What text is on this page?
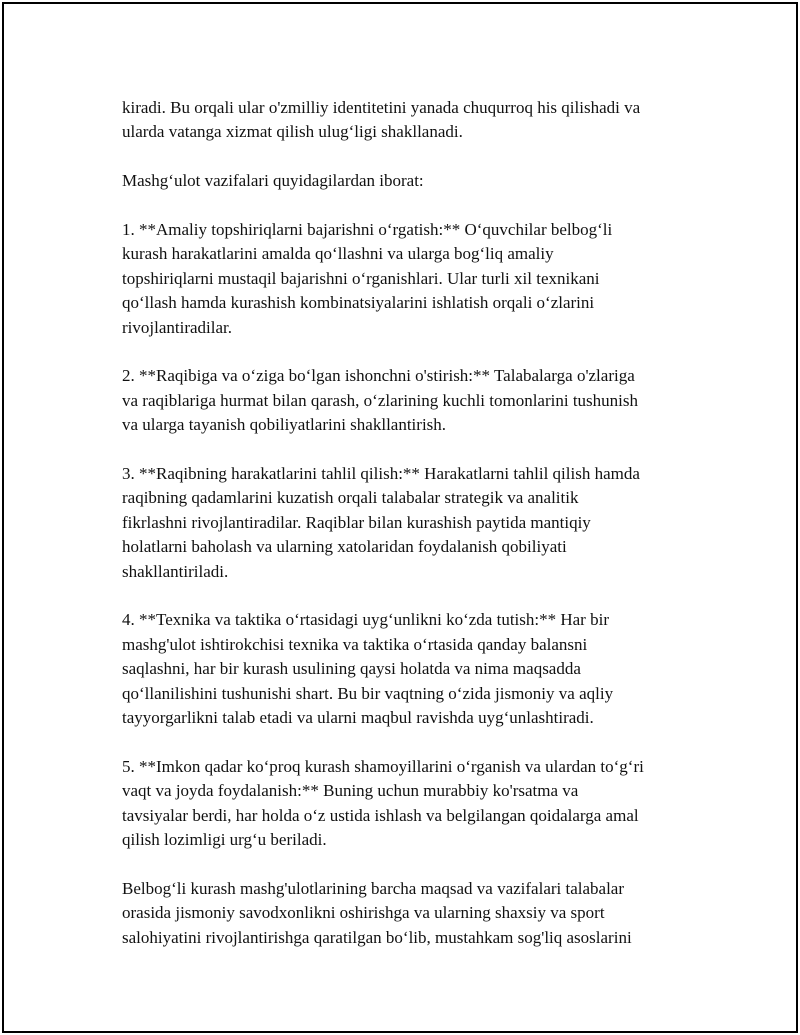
kiradi. Bu orqali ular o'zmilliy identitetini yanada chuqurroq his qilishadi va
ularda vatanga xizmat qilish ulug‘ligi shakllanadi.

Mashg‘ulot vazifalari quyidagilardan iborat:

1. **Amaliy topshiriqlarni bajarishni o‘rgatish:** O‘quvchilar belbog‘li
kurash harakatlarini amalda qo‘llashni va ularga bog‘liq amaliy
topshiriqlarni mustaqil bajarishni o‘rganishlari. Ular turli xil texnikani
qo‘llash hamda kurashish kombinatsiyalarini ishlatish orqali o‘zlarini
rivojlantiradilar.

2. **Raqibiga va o‘ziga bo‘lgan ishonchni o'stirish:** Talabalarga o'zlariga
va raqiblariga hurmat bilan qarash, o‘zlarining kuchli tomonlarini tushunish
va ularga tayanish qobiliyatlarini shakllantirish.

3. **Raqibning harakatlarini tahlil qilish:** Harakatlarni tahlil qilish hamda
raqibning qadamlarini kuzatish orqali talabalar strategik va analitik
fikrlashni rivojlantiradilar. Raqiblar bilan kurashish paytida mantiqiy
holatlarni baholash va ularning xatolaridan foydalanish qobiliyati
shakllantiriladi.

4. **Texnika va taktika o‘rtasidagi uyg‘unlikni ko‘zda tutish:** Har bir
mashg'ulot ishtirokchisi texnika va taktika o‘rtasida qanday balansni
saqlashni, har bir kurash usulining qaysi holatda va nima maqsadda
qo‘llanilishini tushunishi shart. Bu bir vaqtning o‘zida jismoniy va aqliy
tayyorgarlikni talab etadi va ularni maqbul ravishda uyg‘unlashtiradi.

5. **Imkon qadar ko‘proq kurash shamoyillarini o‘rganish va ulardan to‘g‘ri
vaqt va joyda foydalanish:** Buning uchun murabbiy ko'rsatma va
tavsiyalar berdi, har holda o‘z ustida ishlash va belgilangan qoidalarga amal
qilish lozimligi urg‘u beriladi.

Belbog‘li kurash mashg'ulotlarining barcha maqsad va vazifalari talabalar
orasida jismoniy savodxonlikni oshirishga va ularning shaxsiy va sport
salohiyatini rivojlantirishga qaratilgan bo‘lib, mustahkam sog'liq asoslarini
